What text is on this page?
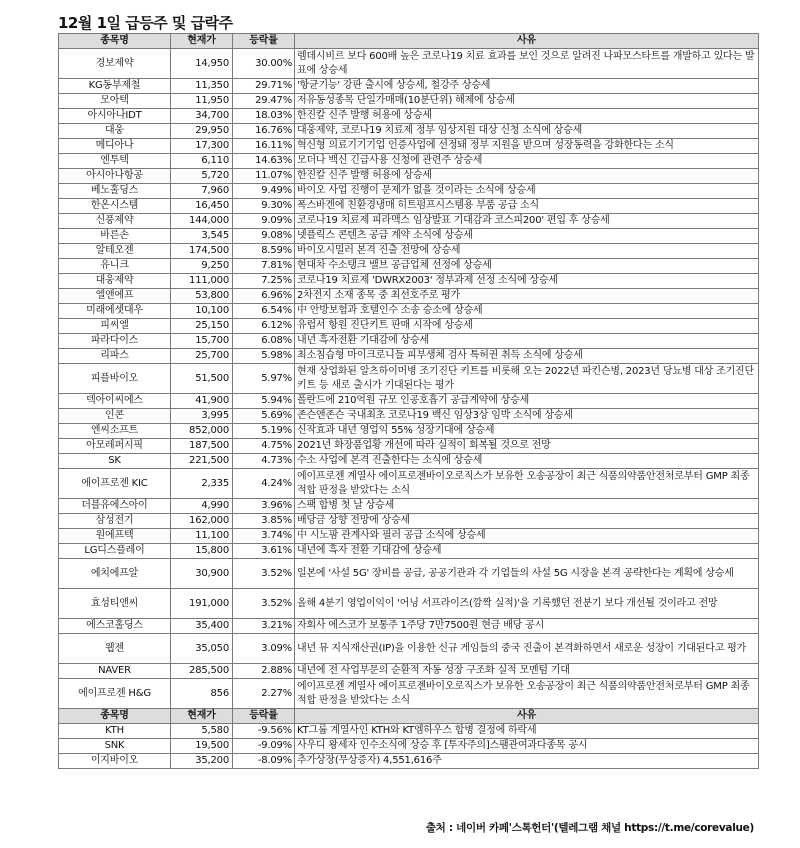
12월 1일 급등주 및 급락주
종목명	현재가	등락률	사유
경보제약	14,950	30.00%	렘데시비르 보다 600배 높은 코로나19 치료 효과를 보인 것으로 알려진 나파모스타트를 개발하고 있다는 발표에 상승세
KG동부제철	11,350	29.71%	'항균기능' 강판 출시에 상승세, 철강주 상승세
모아텍	11,950	29.47%	저유동성종목 단일가매매(10분단위) 해제에 상승세
아시아나IDT	34,700	18.03%	한진칼 신주 발행 허용에 상승세
대웅	29,950	16.76%	대웅제약, 코로나19 치료제 정부 임상지원 대상 신청 소식에 상승세
메디아나	17,300	16.11%	혁신형 의료기기기업 인증사업에 선정돼 정부 지원을 받으며 성장동력을 강화한다는 소식
엔투텍	6,110	14.63%	모더나 백신 긴급사용 신청에 관련주 상승세
아시아나항공	5,720	11.07%	한진칼 신주 발행 허용에 상승세
베노홀딩스	7,960	9.49%	바이오 사업 진행이 문제가 없을 것이라는 소식에 상승세
한온시스템	16,450	9.30%	폭스바겐에 친환경냉매 히트펌프시스템용 부품 공급 소식
신풍제약	144,000	9.09%	코로나19 치료제 피라맥스 임상발표 기대감과 코스피200' 편입 후 상승세
바른손	3,545	9.08%	넷플릭스 콘텐츠 공급 계약 소식에 상승세
알테오젠	174,500	8.59%	바이오시밀러 본격 진출 전망에 상승세
유니크	9,250	7.81%	현대차 수소탱크 밸브 공급업체 선정에 상승세
대웅제약	111,000	7.25%	코로나19 치료제 'DWRX2003' 정부과제 선정 소식에 상승세
엘앤에프	53,800	6.96%	2차전지 소재 종목 중 최선호주로 평가
미래에셋대우	10,100	6.54%	中 안방보험과 호텔인수 소송 승소에 상승세
피씨엘	25,150	6.12%	유럽서 항원 진단키트 판매 시작에 상승세
파라다이스	15,700	6.08%	내년 흑자전환 기대감에 상승세
리파스	25,700	5.98%	최소침습형 마이크로니들 피부생체 검사 특허권 취득 소식에 상승세
피플바이오	51,500	5.97%	현재 상업화된 알츠하이머병 조기진단 키트를 비롯해 오는 2022년 파킨슨병, 2023년 당뇨병 대상 조기진단 키트 등 새로 출시가 기대된다는 평가
덱아이씨에스	41,900	5.94%	폴란드에 210억원 규모 인공호흡기 공급계약에 상승세
인콘	3,995	5.69%	존슨앤존슨 국내최초 코로나19 백신 임상3상 임박 소식에 상승세
엔씨소프트	852,000	5.19%	신작효과 내년 영업익 55% 성장기대에 상승세
아모레퍼시픽	187,500	4.75%	2021년 화장품업황 개선에 따라 실적이 회복될 것으로 전망
SK	221,500	4.73%	수소 사업에 본격 진출한다는 소식에 상승세
에이프로젠 KIC	2,335	4.24%	에이프로젠 계열사 에이프로젠바이오로직스가 보유한 오송공장이 최근 식품의약품안전처로부터 GMP 최종 적합 판정을 받았다는 소식
더블유에스아이	4,990	3.96%	스팩 합병 첫 날 상승세
삼성전기	162,000	3.85%	배당금 상향 전망에 상승세
원에프텍	11,100	3.74%	中 시노팜 관계사와 필러 공급 소식에 상승세
LG디스플레이	15,800	3.61%	내년에 흑자 전환 기대감에 상승세
에치에프알	30,900	3.52%	일본에 '사설 5G' 장비를 공급, 공공기관과 각 기업들의 사설 5G 시장을 본격 공략한다는 계획에 상승세
효성티앤씨	191,000	3.52%	올해 4분기 영업이익이 '어닝 서프라이즈(깜짝 실적)'을 기록했던 전분기 보다 개선될 것이라고 전망
에스코홀딩스	35,400	3.21%	자회사 에스코가 보통주 1주당 7만7500원 현금 배당 공시
웹젠	35,050	3.09%	내년 뮤 지식재산권(IP)을 이용한 신규 게임들의 중국 진출이 본격화하면서 새로운 성장이 기대된다고 평가
NAVER	285,500	2.88%	내년에 전 사업부문의 순환적 자동 성장 구조화 실적 모멘텀 기대
에이프로젠 H&G	856	2.27%	에이프로젠 계열사 에이프로젠바이오로직스가 보유한 오송공장이 최근 식품의약품안전처로부터 GMP 최종 적합 판정을 받았다는 소식
종목명	현재가	등락률	사유
KTH	5,580	-9.56%	KT그룹 계열사인 KTH와 KT엠하우스 합병 결정에 하락세
SNK	19,500	-9.09%	사우디 왕세자 인수소식에 상승 후 [투자주의]스팸관여과다종목 공시
이지바이오	35,200	-8.09%	추가상장(무상증자) 4,551,616주
출처 : 네이버 카페'스톡헌터'(텔레그램 채널 https://t.me/corevalue)
